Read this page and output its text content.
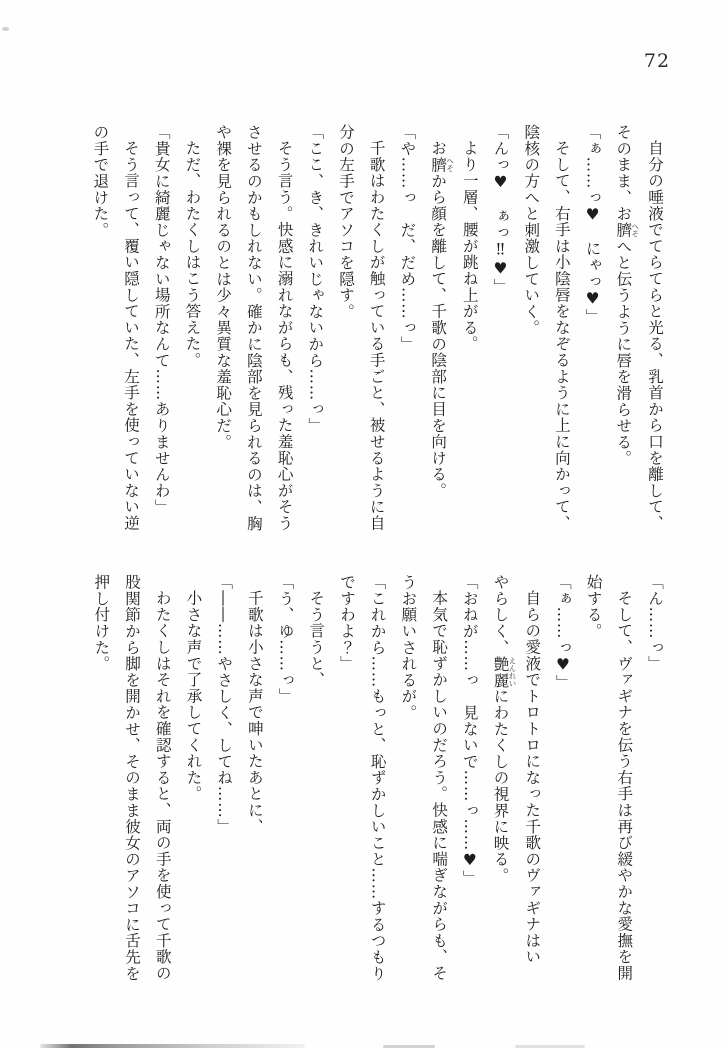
72
自分の唾液でてらてらと光る、乳首から口を離して、
そのまま、お臍へそへと伝うように唇を滑らせる。
「ぁ……っ♥　にゃっ♥」
そして、右手は小陰唇をなぞるように上に向かって、
陰核の方へと刺激していく。
「んっ♥　ぁっ‼♥」
より一層、腰が跳ね上がる。
お臍へそから顔を離して、千歌の陰部に目を向ける。
「や……っ　だ、だめ……っ」
千歌はわたくしが触っている手ごと、被せるように自
分の左手でアソコを隠す。
「ここ、き、きれいじゃないから……っ」
そう言う。快感に溺れながらも、残った羞恥心がそう
させるのかもしれない。確かに陰部を見られるのは、胸
や裸を見られるのとは少々異質な羞恥心だ。
ただ、わたくしはこう答えた。
「貴女に綺麗じゃない場所なんて……ありませんわ」
そう言って、覆い隠していた、左手を使っていない逆
の手で退けた。
「ん……っ」
そして、ヴァギナを伝う右手は再び緩やかな愛撫を開
始する。
「ぁ……っ♥」
自らの愛液でトロトロになった千歌のヴァギナはい
やらしく、艶麗えんれいにわたくしの視界に映る。
「おねが……っ　見ないで……っ……♥」
本気で恥ずかしいのだろう。快感に喘ぎながらも、そ
うお願いされるが。
「これから……もっと、恥ずかしいこと……するつもり
ですわよ？」
そう言うと、
「う、ゆ……っ」
千歌は小さな声で呻いたあとに、
「――……やさしく、してね……」
小さな声で了承してくれた。
わたくしはそれを確認すると、両の手を使って千歌の
股関節から脚を開かせ、そのまま彼女のアソコに舌先を
押し付けた。
